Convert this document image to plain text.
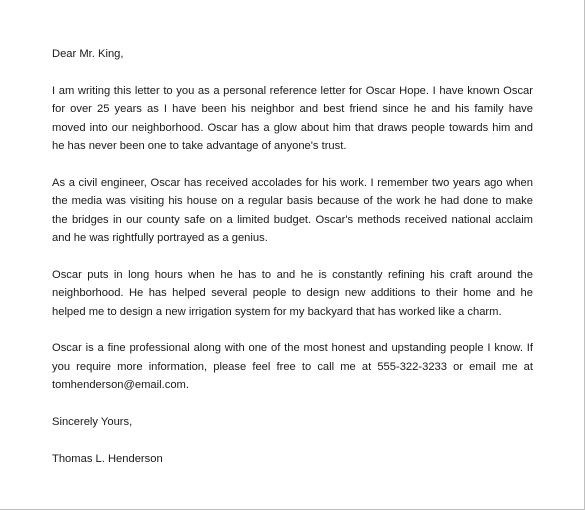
Dear Mr. King,

I am writing this letter to you as a personal reference letter for Oscar Hope. I have known Oscar for over 25 years as I have been his neighbor and best friend since he and his family have moved into our neighborhood. Oscar has a glow about him that draws people towards him and he has never been one to take advantage of anyone's trust.

As a civil engineer, Oscar has received accolades for his work. I remember two years ago when the media was visiting his house on a regular basis because of the work he had done to make the bridges in our county safe on a limited budget. Oscar's methods received national acclaim and he was rightfully portrayed as a genius.

Oscar puts in long hours when he has to and he is constantly refining his craft around the neighborhood. He has helped several people to design new additions to their home and he helped me to design a new irrigation system for my backyard that has worked like a charm.

Oscar is a fine professional along with one of the most honest and upstanding people I know. If you require more information, please feel free to call me at 555-322-3233 or email me at tomhenderson@email.com.

Sincerely Yours,

Thomas L. Henderson
